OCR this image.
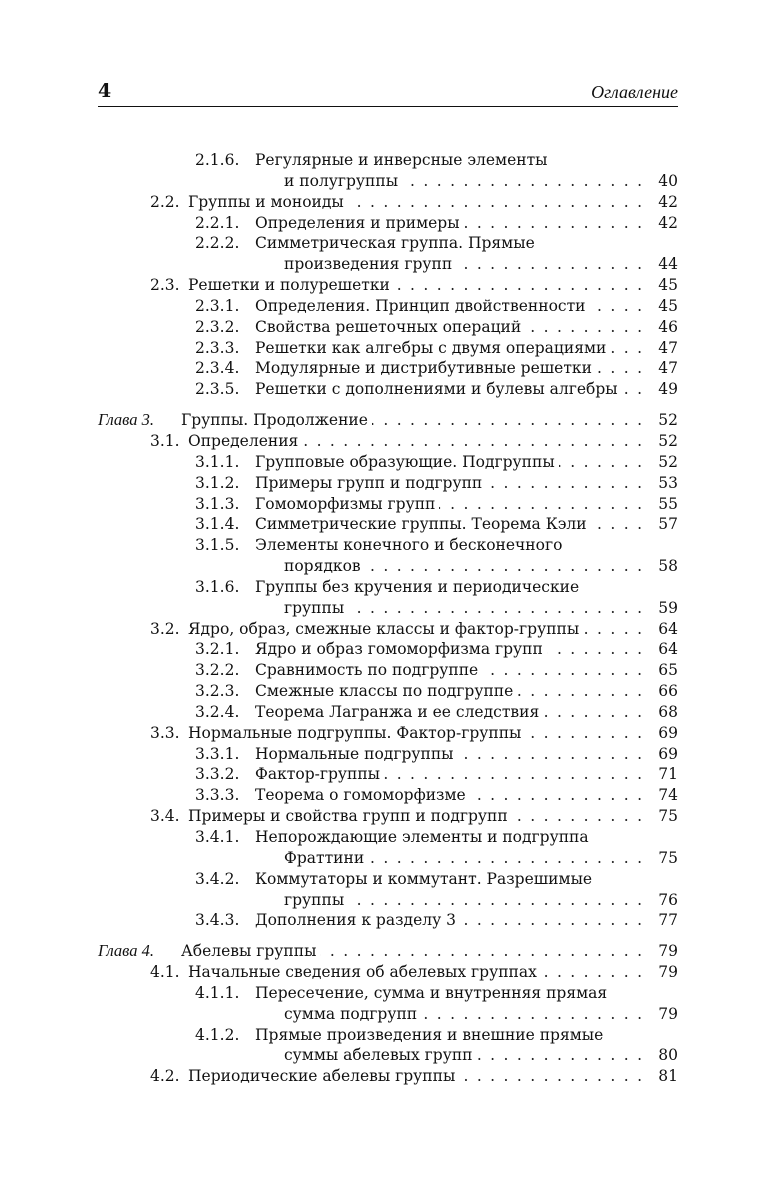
4	Оглавление
2.1.6. Регулярные и инверсные элементы
. . .
и полугруппы	40
2.2. . . . Группы и моноиды	42
2.2.1. . . . Определения и примеры	42
2.2.2. Симметрическая группа. Прямые
. . .
произведения групп	44
2.3. . . . Решетки и полурешетки	45
2.3.1. . . . Определения. Принцип двойственности	45
2.3.2. . . . Свойства решеточных операций	46
2.3.3. . . . Решетки как алгебры с двумя операциями	47
2.3.4. . . . Модулярные и дистрибутивные решетки	47
2.3.5. . . . Решетки с дополнениями и булевы алгебры	49
Глава 3. . . . Группы. Продолжение	52
3.1. . . . Определения	52
3.1.1. . . . Групповые образующие. Подгруппы	52
3.1.2. . . . Примеры групп и подгрупп	53
3.1.3. . . . Гомоморфизмы групп	55
3.1.4. . . . Симметрические группы. Теорема Кэли	57
3.1.5. Элементы конечного и бесконечного
. . .
порядков	58
3.1.6. Группы без кручения и периодические
. . .
группы	59
3.2. . . . Ядро, образ, смежные классы и фактор-группы	64
3.2.1. . . . Ядро и образ гомоморфизма групп	64
3.2.2. . . . Сравнимость по подгруппе	65
3.2.3. . . . Смежные классы по подгруппе	66
3.2.4. . . . Теорема Лагранжа и ее следствия	68
3.3. . . . Нормальные подгруппы. Фактор-группы	69
3.3.1. . . . Нормальные подгруппы	69
3.3.2. . . . Фактор-группы	71
3.3.3. . . . Теорема о гомоморфизме	74
3.4. . . . Примеры и свойства групп и подгрупп	75
3.4.1. Непорождающие элементы и подгруппа
. . .
Фраттини	75
3.4.2. Коммутаторы и коммутант. Разрешимые
. . .
группы	76
3.4.3. . . . Дополнения к разделу 3	77
Глава 4. . . . Абелевы группы	79
4.1. . . . Начальные сведения об абелевых группах	79
4.1.1. Пересечение, сумма и внутренняя прямая
. . .
сумма подгрупп	79
4.1.2. Прямые произведения и внешние прямые
. . .
суммы абелевых групп	80
4.2. . . . Периодические абелевы группы	81
